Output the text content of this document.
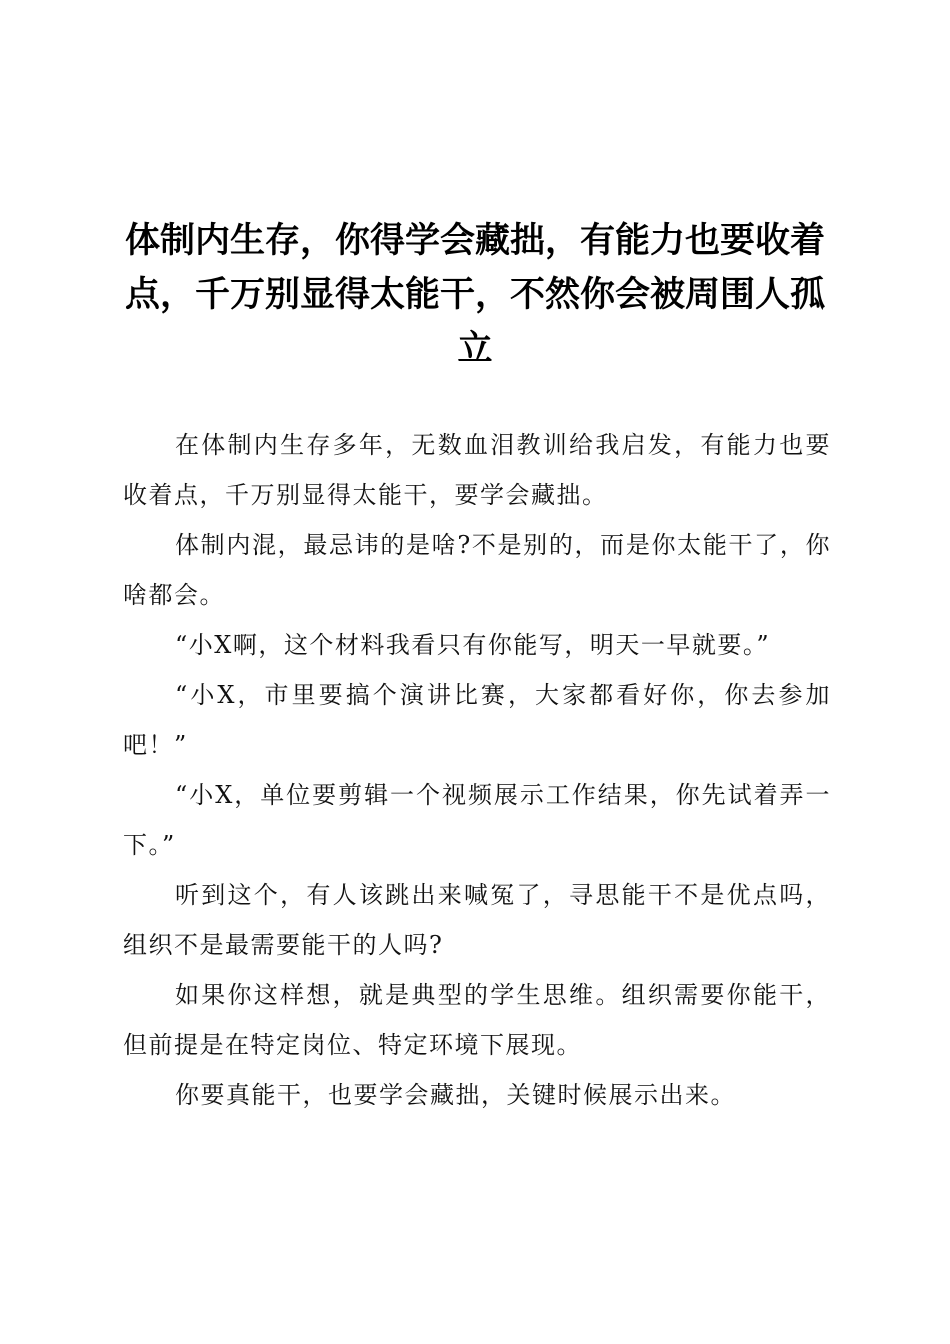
体制内生存，你得学会藏拙，有能力也要收着点，千万别显得太能干，不然你会被周围人孤立

在体制内生存多年，无数血泪教训给我启发，有能力也要收着点，千万别显得太能干，要学会藏拙。

体制内混，最忌讳的是啥?不是别的，而是你太能干了，你啥都会。

“小X啊，这个材料我看只有你能写，明天一早就要。”

“小X，市里要搞个演讲比赛，大家都看好你，你去参加吧！”

“小X，单位要剪辑一个视频展示工作结果，你先试着弄一下。”

听到这个，有人该跳出来喊冤了，寻思能干不是优点吗，组织不是最需要能干的人吗?

如果你这样想，就是典型的学生思维。组织需要你能干，但前提是在特定岗位、特定环境下展现。

你要真能干，也要学会藏拙，关键时候展示出来。
